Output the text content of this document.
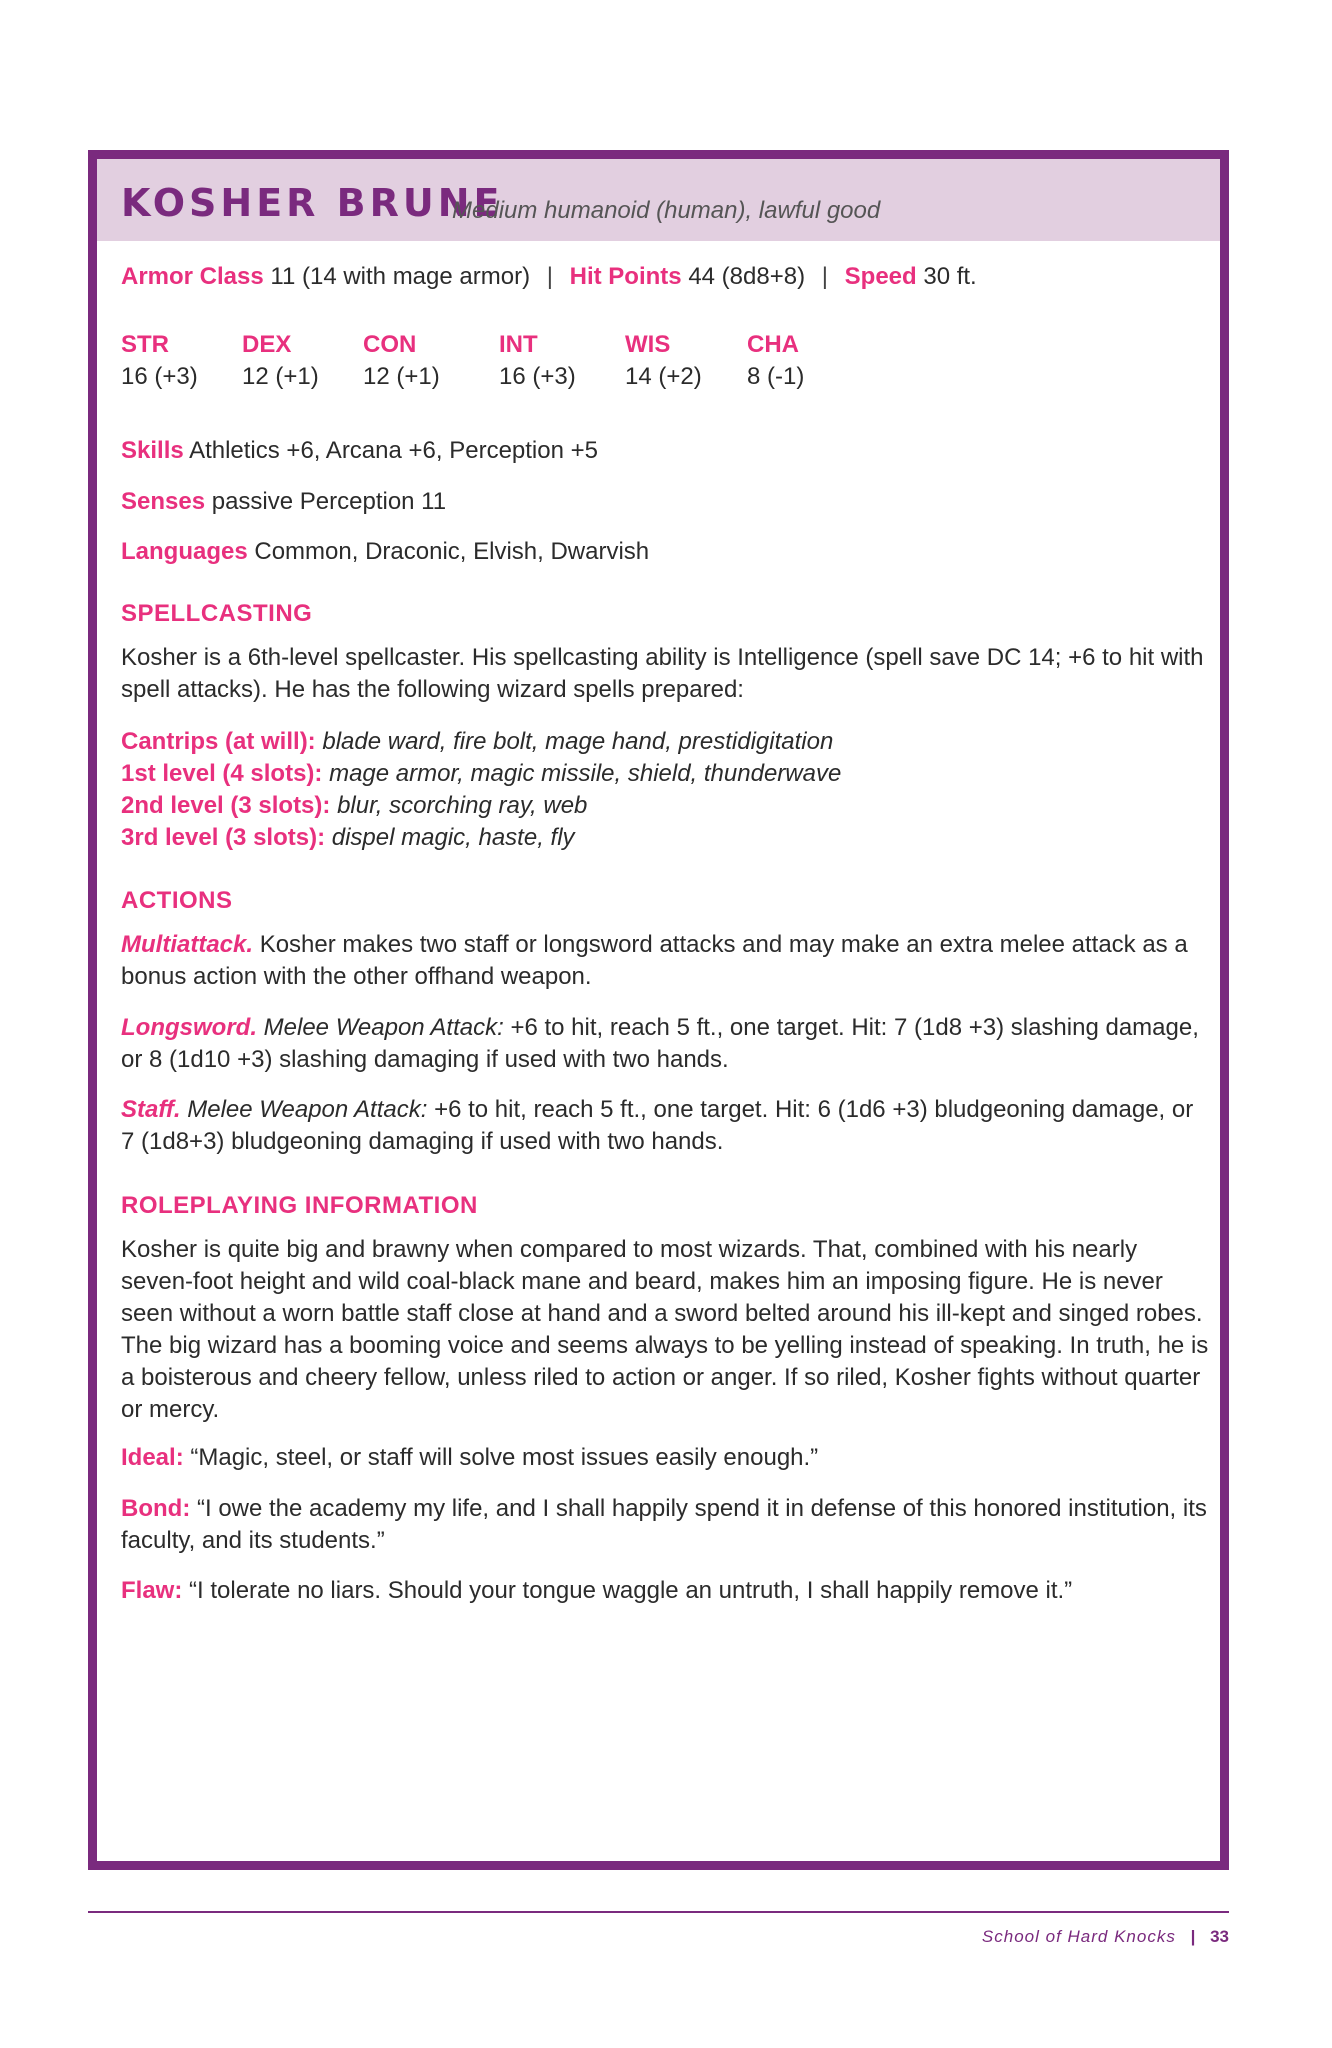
KOSHER BRUNE
Medium humanoid (human), lawful good
Armor Class 11 (14 with mage armor) | Hit Points 44 (8d8+8) | Speed 30 ft.
STR
16 (+3)
DEX
12 (+1)
CON
12 (+1)
INT
16 (+3)
WIS
14 (+2)
CHA
8 (-1)
Skills Athletics +6, Arcana +6, Perception +5
Senses passive Perception 11
Languages Common, Draconic, Elvish, Dwarvish
SPELLCASTING
Kosher is a 6th-level spellcaster. His spellcasting ability is Intelligence (spell save DC 14; +6 to hit with spell attacks). He has the following wizard spells prepared:
Cantrips (at will): blade ward, fire bolt, mage hand, prestidigitation
1st level (4 slots): mage armor, magic missile, shield, thunderwave
2nd level (3 slots): blur, scorching ray, web
3rd level (3 slots): dispel magic, haste, fly
ACTIONS
Multiattack. Kosher makes two staff or longsword attacks and may make an extra melee attack as a bonus action with the other offhand weapon.
Longsword. Melee Weapon Attack: +6 to hit, reach 5 ft., one target. Hit: 7 (1d8 +3) slashing damage, or 8 (1d10 +3) slashing damaging if used with two hands.
Staff. Melee Weapon Attack: +6 to hit, reach 5 ft., one target. Hit: 6 (1d6 +3) bludgeoning damage, or 7 (1d8+3) bludgeoning damaging if used with two hands.
ROLEPLAYING INFORMATION
Kosher is quite big and brawny when compared to most wizards. That, combined with his nearly seven-foot height and wild coal-black mane and beard, makes him an imposing figure. He is never seen without a worn battle staff close at hand and a sword belted around his ill-kept and singed robes. The big wizard has a booming voice and seems always to be yelling instead of speaking. In truth, he is a boisterous and cheery fellow, unless riled to action or anger. If so riled, Kosher fights without quarter or mercy.
Ideal: “Magic, steel, or staff will solve most issues easily enough.”
Bond: “I owe the academy my life, and I shall happily spend it in defense of this honored institution, its faculty, and its students.”
Flaw: “I tolerate no liars. Should your tongue waggle an untruth, I shall happily remove it.”
School of Hard Knocks | 33
